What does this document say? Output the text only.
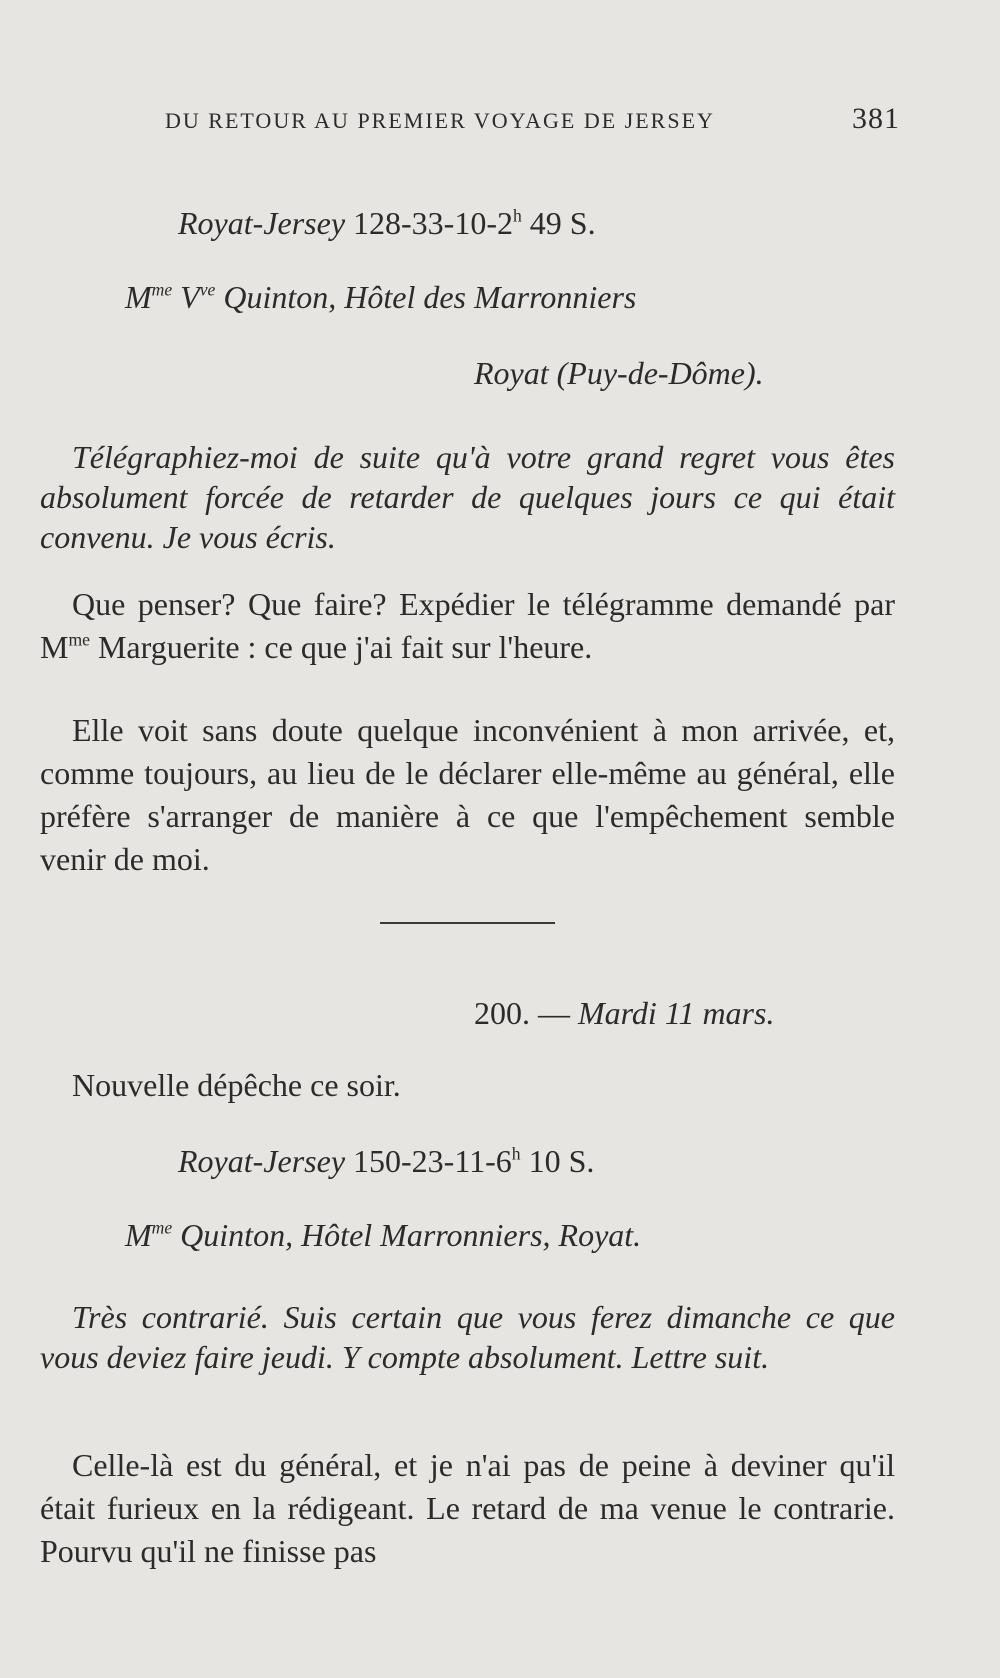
DU RETOUR AU PREMIER VOYAGE DE JERSEY	381
Royat-Jersey 128-33-10-2$^h$ 49 S.
$M^{me}$ $V^{ve}$ Quinton, Hôtel des Marronniers
Royat (Puy-de-Dôme).
Télégraphiez-moi de suite qu'à votre grand regret vous êtes absolument forcée de retarder de quelques jours ce qui était convenu. Je vous écris.
Que penser? Que faire? Expédier le télégramme demandé par $M^{me}$ Marguerite : ce que j'ai fait sur l'heure.
Elle voit sans doute quelque inconvénient à mon arrivée, et, comme toujours, au lieu de le déclarer elle-même au général, elle préfère s'arranger de manière à ce que l'empêchement semble venir de moi.
200. — Mardi 11 mars.
Nouvelle dépêche ce soir.
Royat-Jersey 150-23-11-6$^h$ 10 S.
$M^{me}$ Quinton, Hôtel Marronniers, Royat.
Très contrarié. Suis certain que vous ferez dimanche ce que vous deviez faire jeudi. Y compte absolument. Lettre suit.
Celle-là est du général, et je n'ai pas de peine à deviner qu'il était furieux en la rédigeant. Le retard de ma venue le contrarie. Pourvu qu'il ne finisse pas
